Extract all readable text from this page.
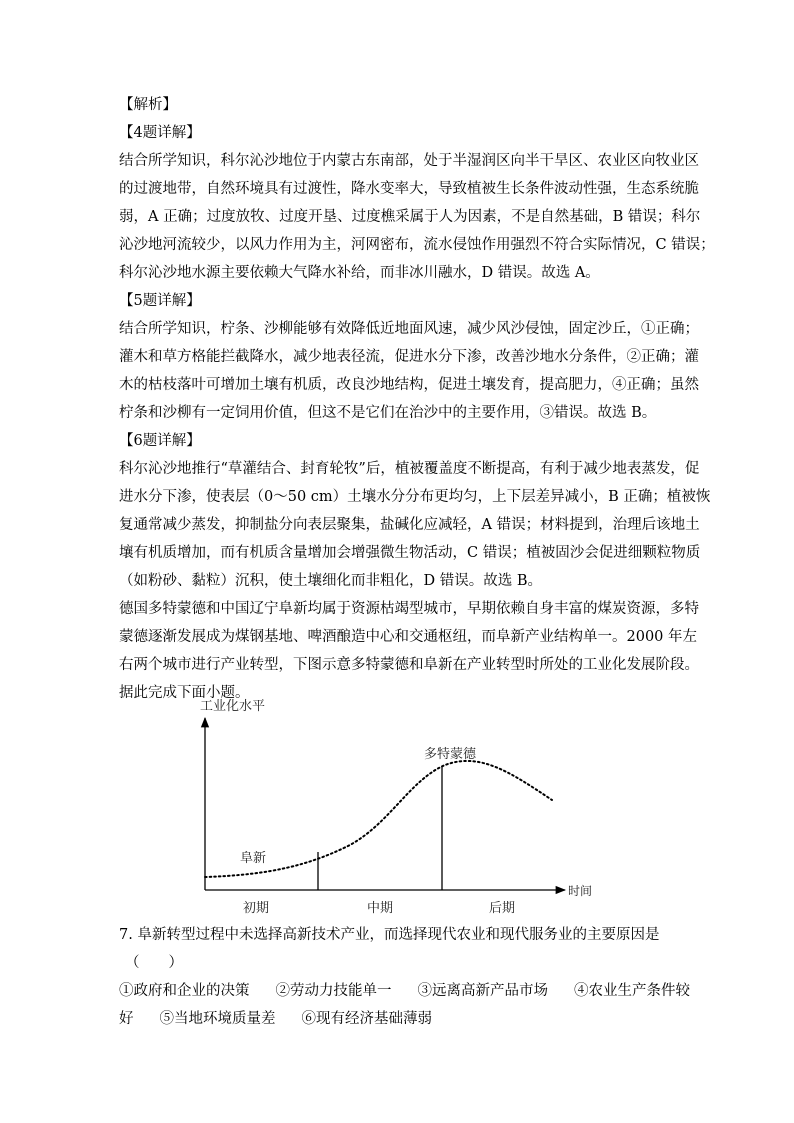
【解析】
【4题详解】
结合所学知识，科尔沁沙地位于内蒙古东南部，处于半湿润区向半干旱区、农业区向牧业区
的过渡地带，自然环境具有过渡性，降水变率大，导致植被生长条件波动性强，生态系统脆
弱，A 正确；过度放牧、过度开垦、过度樵采属于人为因素，不是自然基础，B 错误；科尔
沁沙地河流较少，以风力作用为主，河网密布，流水侵蚀作用强烈不符合实际情况，C 错误；
科尔沁沙地水源主要依赖大气降水补给，而非冰川融水，D 错误。故选 A。
【5题详解】
结合所学知识，柠条、沙柳能够有效降低近地面风速，减少风沙侵蚀，固定沙丘，①正确；
灌木和草方格能拦截降水，减少地表径流，促进水分下渗，改善沙地水分条件，②正确；灌
木的枯枝落叶可增加土壤有机质，改良沙地结构，促进土壤发育，提高肥力，④正确；虽然
柠条和沙柳有一定饲用价值，但这不是它们在治沙中的主要作用，③错误。故选 B。
【6题详解】
科尔沁沙地推行“草灌结合、封育轮牧”后，植被覆盖度不断提高，有利于减少地表蒸发，促
进水分下渗，使表层（0～50 cm）土壤水分分布更均匀，上下层差异减小，B 正确；植被恢
复通常减少蒸发，抑制盐分向表层聚集，盐碱化应减轻，A 错误；材料提到，治理后该地土
壤有机质增加，而有机质含量增加会增强微生物活动，C 错误；植被固沙会促进细颗粒物质
（如粉砂、黏粒）沉积，使土壤细化而非粗化，D 错误。故选 B。
德国多特蒙德和中国辽宁阜新均属于资源枯竭型城市，早期依赖自身丰富的煤炭资源，多特
蒙德逐渐发展成为煤钢基地、啤酒酿造中心和交通枢纽，而阜新产业结构单一。2000 年左
右两个城市进行产业转型，下图示意多特蒙德和阜新在产业转型时所处的工业化发展阶段。
据此完成下面小题。
工业化水平
时间
阜新
多特蒙德
初期	中期	后期
7. 阜新转型过程中未选择高新技术产业，而选择现代农业和现代服务业的主要原因是
（　　）
①政府和企业的决策 ②劳动力技能单一 ③远离高新产品市场 ④农业生产条件较
好 ⑤当地环境质量差 ⑥现有经济基础薄弱
